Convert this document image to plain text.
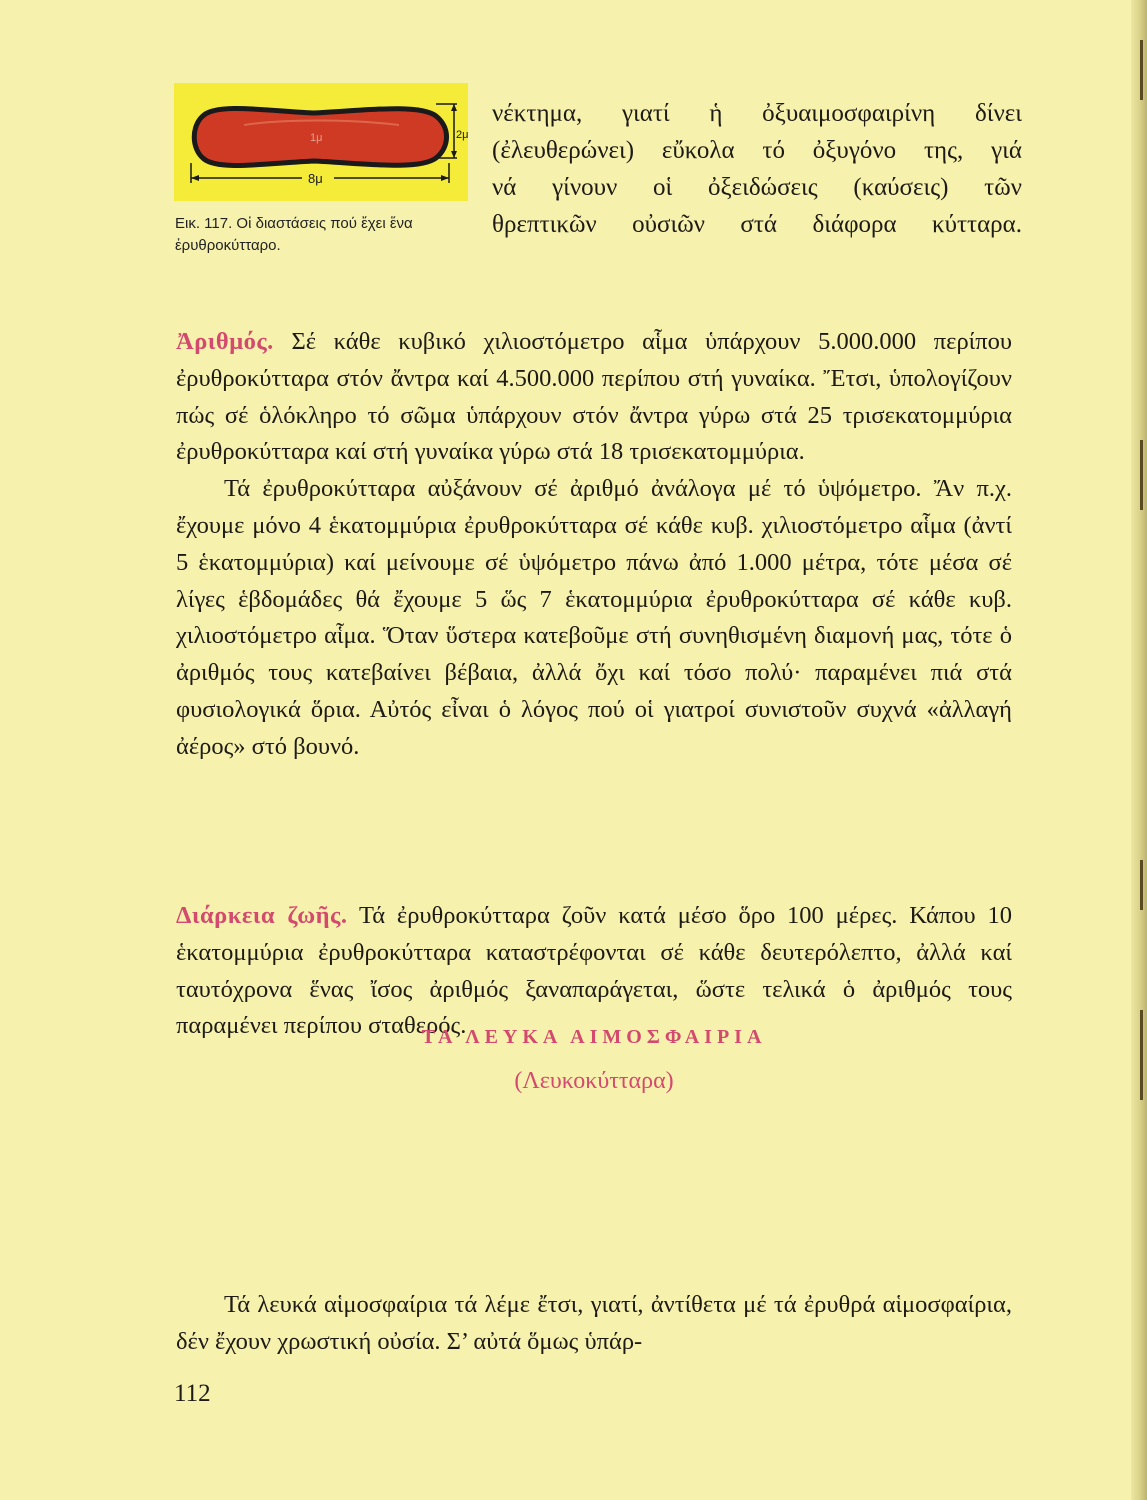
1μ	2μ
8μ
Εικ. 117. Οἱ διαστάσεις πού ἔχει ἕνα ἐρυθροκύτταρο.
νέκτημα, γιατί ἡ ὀξυαιμοσφαιρίνη δίνει
(ἐλευθερώνει) εὔκολα τό ὀξυγόνο της, γιά
νά γίνουν οἱ ὀξειδώσεις (καύσεις) τῶν
θρεπτικῶν οὐσιῶν στά διάφορα κύτταρα.

Ἀριθμός. Σέ κάθε κυβικό χιλιοστόμετρο αἷμα ὑπάρχουν 5.000.000 περίπου ἐρυθροκύτταρα στόν ἄντρα καί 4.500.000 περίπου στή γυναίκα. Ἔτσι, ὑπολογίζουν πώς σέ ὁλόκληρο τό σῶμα ὑπάρχουν στόν ἄντρα γύρω στά 25 τρισεκατομμύρια ἐρυθροκύτταρα καί στή γυναίκα γύρω στά 18 τρισεκατομμύρια.

Τά ἐρυθροκύτταρα αὐξάνουν σέ ἀριθμό ἀνάλογα μέ τό ὑψόμετρο. Ἄν π.χ. ἔχουμε μόνο 4 ἑκατομμύρια ἐρυθροκύτταρα σέ κάθε κυβ. χιλιοστόμετρο αἷμα (ἀντί 5 ἑκατομμύρια) καί μείνουμε σέ ὑψόμετρο πάνω ἀπό 1.000 μέτρα, τότε μέσα σέ λίγες ἑβδομάδες θά ἔχουμε 5 ὥς 7 ἑκατομμύρια ἐρυθροκύτταρα σέ κάθε κυβ. χιλιοστόμετρο αἷμα. Ὅταν ὕστερα κατεβοῦμε στή συνηθισμένη διαμονή μας, τότε ὁ ἀριθμός τους κατεβαίνει βέβαια, ἀλλά ὄχι καί τόσο πολύ· παραμένει πιά στά φυσιολογικά ὅρια. Αὐτός εἶναι ὁ λόγος πού οἱ γιατροί συνιστοῦν συχνά «ἀλλαγή ἀέρος» στό βουνό.

Διάρκεια ζωῆς. Τά ἐρυθροκύτταρα ζοῦν κατά μέσο ὅρο 100 μέρες. Κάπου 10 ἑκατομμύρια ἐρυθροκύτταρα καταστρέφονται σέ κάθε δευτερόλεπτο, ἀλλά καί ταυτόχρονα ἕνας ἴσος ἀριθμός ξαναπαράγεται, ὥστε τελικά ὁ ἀριθμός τους παραμένει περίπου σταθερός.

ΤΑ ΛΕΥΚΑ ΑΙΜΟΣΦΑΙΡΙΑ
(Λευκοκύτταρα)

Τά λευκά αἱμοσφαίρια τά λέμε ἔτσι, γιατί, ἀντίθετα μέ τά ἐρυθρά αἱμοσφαίρια, δέν ἔχουν χρωστική οὐσία. Σ’ αὐτά ὅμως ὑπάρ-

112
